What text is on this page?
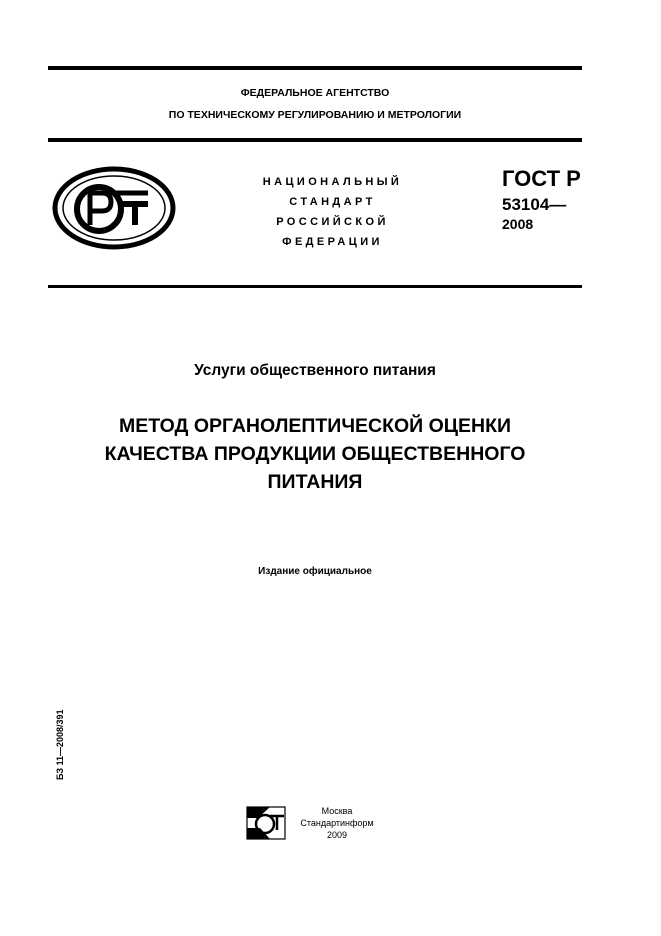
ФЕДЕРАЛЬНОЕ АГЕНТСТВО
ПО ТЕХНИЧЕСКОМУ РЕГУЛИРОВАНИЮ И МЕТРОЛОГИИ
НАЦИОНАЛЬНЫЙ
СТАНДАРТ
РОССИЙСКОЙ
ФЕДЕРАЦИИ
ГОСТ Р
53104—
2008
Услуги общественного питания
МЕТОД ОРГАНОЛЕПТИЧЕСКОЙ ОЦЕНКИ
КАЧЕСТВА ПРОДУКЦИИ ОБЩЕСТВЕННОГО
ПИТАНИЯ
Издание официальное
БЗ 11—2008/391
Москва
Стандартинформ
2009
